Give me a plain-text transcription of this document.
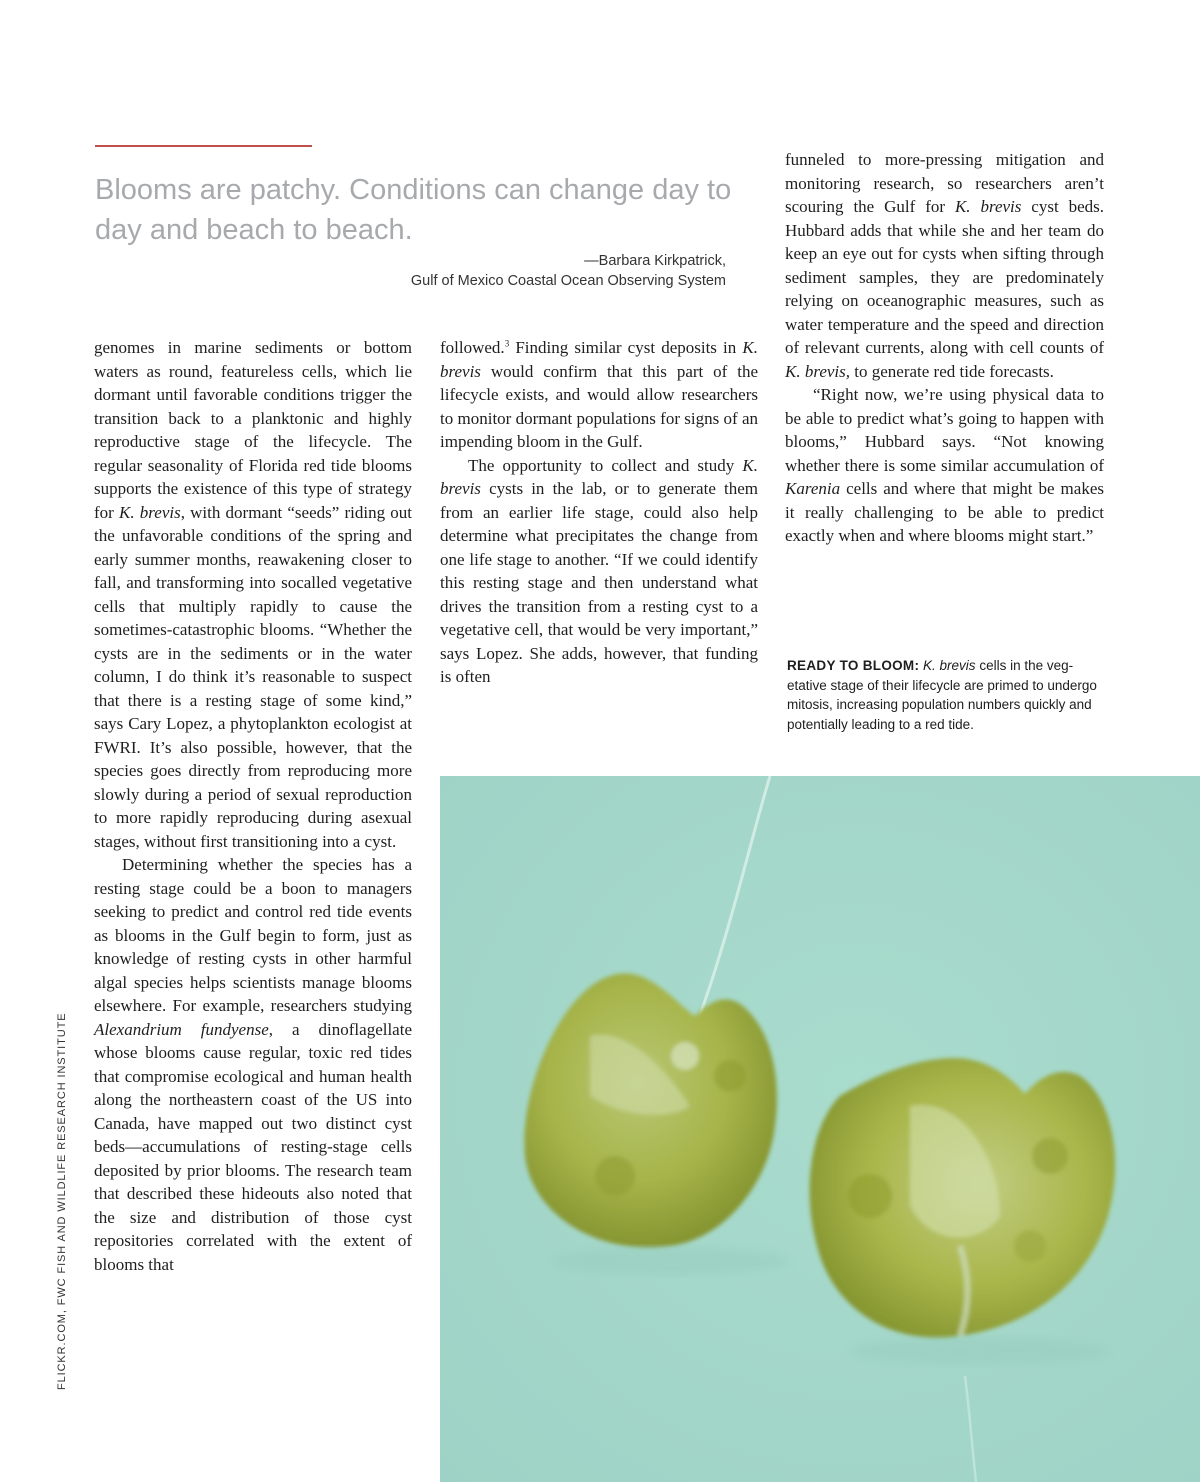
Blooms are patchy. Conditions can change day to day and beach to beach.

—Barbara Kirkpatrick,
Gulf of Mexico Coastal Ocean Observing System

genomes in marine sediments or bottom waters as round, featureless cells, which lie dormant until favorable conditions trigger the transition back to a planktonic and highly reproductive stage of the lifecycle. The regular seasonality of Florida red tide blooms supports the existence of this type of strategy for K. brevis, with dormant “seeds” riding out the unfavorable conditions of the spring and early summer months, reawakening closer to fall, and transforming into socalled vegetative cells that multiply rapidly to cause the sometimes-catastrophic blooms. “Whether the cysts are in the sediments or in the water column, I do think it’s reasonable to suspect that there is a resting stage of some kind,” says Cary Lopez, a phytoplankton ecologist at FWRI. It’s also possible, however, that the species goes directly from reproducing more slowly during a period of sexual reproduction to more rapidly reproducing during asexual stages, without first transitioning into a cyst.

Determining whether the species has a resting stage could be a boon to managers seeking to predict and control red tide events as blooms in the Gulf begin to form, just as knowledge of resting cysts in other harmful algal species helps scientists manage blooms elsewhere. For example, researchers studying Alexandrium fundyense, a dinoflagellate whose blooms cause regular, toxic red tides that compromise ecological and human health along the northeastern coast of the US into Canada, have mapped out two distinct cyst beds—accumulations of resting-stage cells deposited by prior blooms. The research team that described these hideouts also noted that the size and distribution of those cyst repositories correlated with the extent of blooms that

followed.$^3$ Finding similar cyst deposits in K. brevis would confirm that this part of the lifecycle exists, and would allow researchers to monitor dormant populations for signs of an impending bloom in the Gulf.

The opportunity to collect and study K. brevis cysts in the lab, or to generate them from an earlier life stage, could also help determine what precipitates the change from one life stage to another. “If we could identify this resting stage and then understand what drives the transition from a resting cyst to a vegetative cell, that would be very important,” says Lopez. She adds, however, that funding is often

funneled to more-pressing mitigation and monitoring research, so researchers aren’t scouring the Gulf for K. brevis cyst beds. Hubbard adds that while she and her team do keep an eye out for cysts when sifting through sediment samples, they are predominately relying on oceanographic measures, such as water temperature and the speed and direction of relevant currents, along with cell counts of K. brevis, to generate red tide forecasts.

“Right now, we’re using physical data to be able to predict what’s going to happen with blooms,” Hubbard says. “Not knowing whether there is some similar accumulation of Karenia cells and where that might be makes it really challenging to be able to predict exactly when and where blooms might start.”

READY TO BLOOM: K. brevis cells in the vegetative stage of their lifecycle are primed to undergo mitosis, increasing population numbers quickly and potentially leading to a red tide.
FLICKR.COM, FWC FISH AND WILDLIFE RESEARCH INSTITUTE
